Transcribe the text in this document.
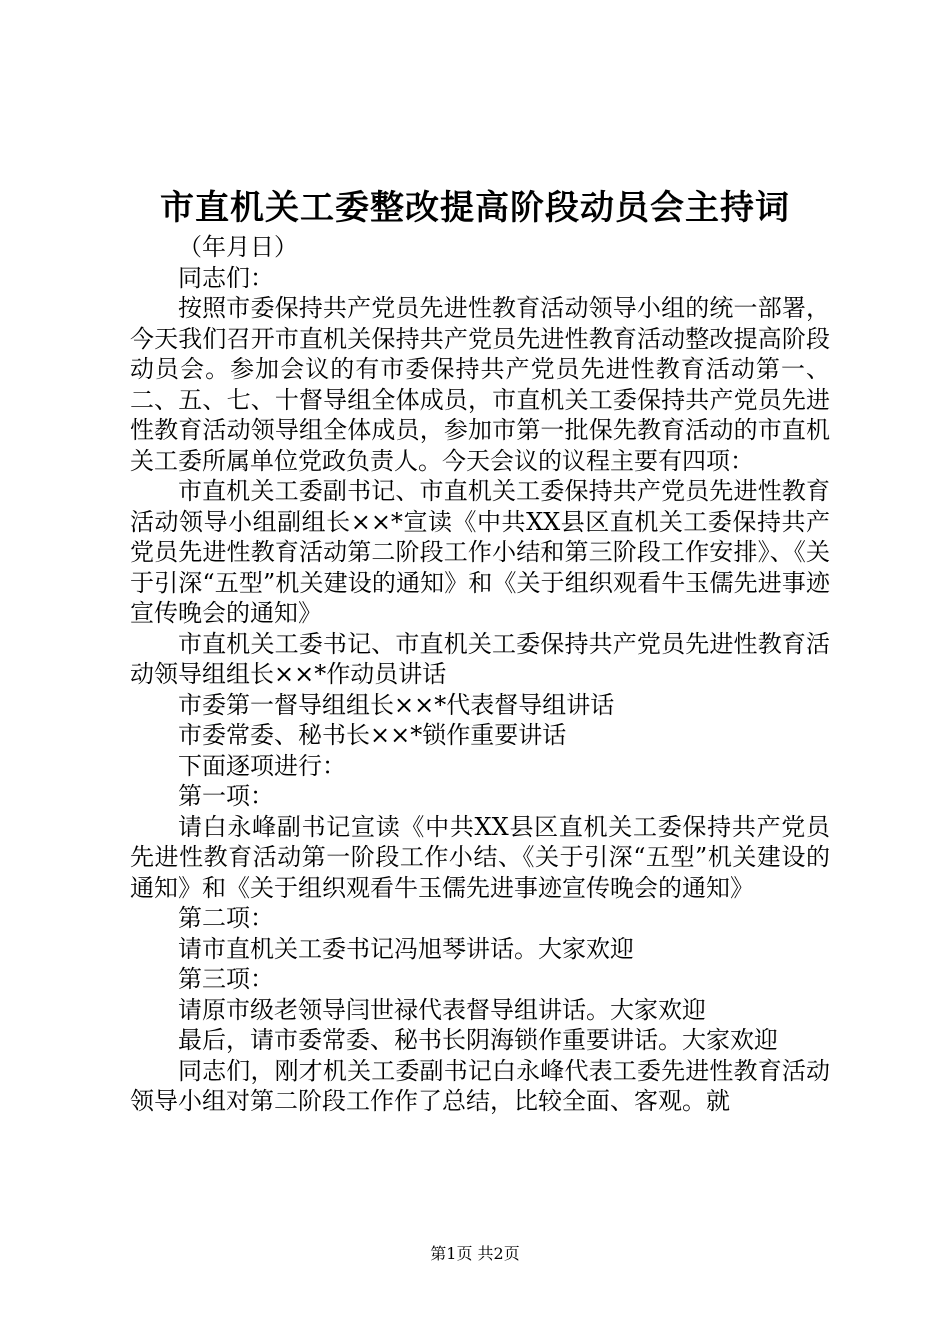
市直机关工委整改提高阶段动员会主持词

（年月日）

同志们：

按照市委保持共产党员先进性教育活动领导小组的统一部署，今天我们召开市直机关保持共产党员先进性教育活动整改提高阶段动员会。参加会议的有市委保持共产党员先进性教育活动第一、二、五、七、十督导组全体成员，市直机关工委保持共产党员先进性教育活动领导组全体成员，参加市第一批保先教育活动的市直机关工委所属单位党政负责人。今天会议的议程主要有四项：

市直机关工委副书记、市直机关工委保持共产党员先进性教育活动领导小组副组长××*宣读《中共XX县区直机关工委保持共产党员先进性教育活动第二阶段工作小结和第三阶段工作安排》、《关于引深“五型”机关建设的通知》和《关于组织观看牛玉儒先进事迹宣传晚会的通知》

市直机关工委书记、市直机关工委保持共产党员先进性教育活动领导组组长××*作动员讲话

市委第一督导组组长××*代表督导组讲话

市委常委、秘书长××*锁作重要讲话

下面逐项进行：

第一项：

请白永峰副书记宣读《中共XX县区直机关工委保持共产党员先进性教育活动第一阶段工作小结、《关于引深“五型”机关建设的通知》和《关于组织观看牛玉儒先进事迹宣传晚会的通知》

第二项：

请市直机关工委书记冯旭琴讲话。大家欢迎

第三项：

请原市级老领导闫世禄代表督导组讲话。大家欢迎

最后，请市委常委、秘书长阴海锁作重要讲话。大家欢迎

同志们，刚才机关工委副书记白永峰代表工委先进性教育活动领导小组对第二阶段工作作了总结，比较全面、客观。就

第1页 共2页
